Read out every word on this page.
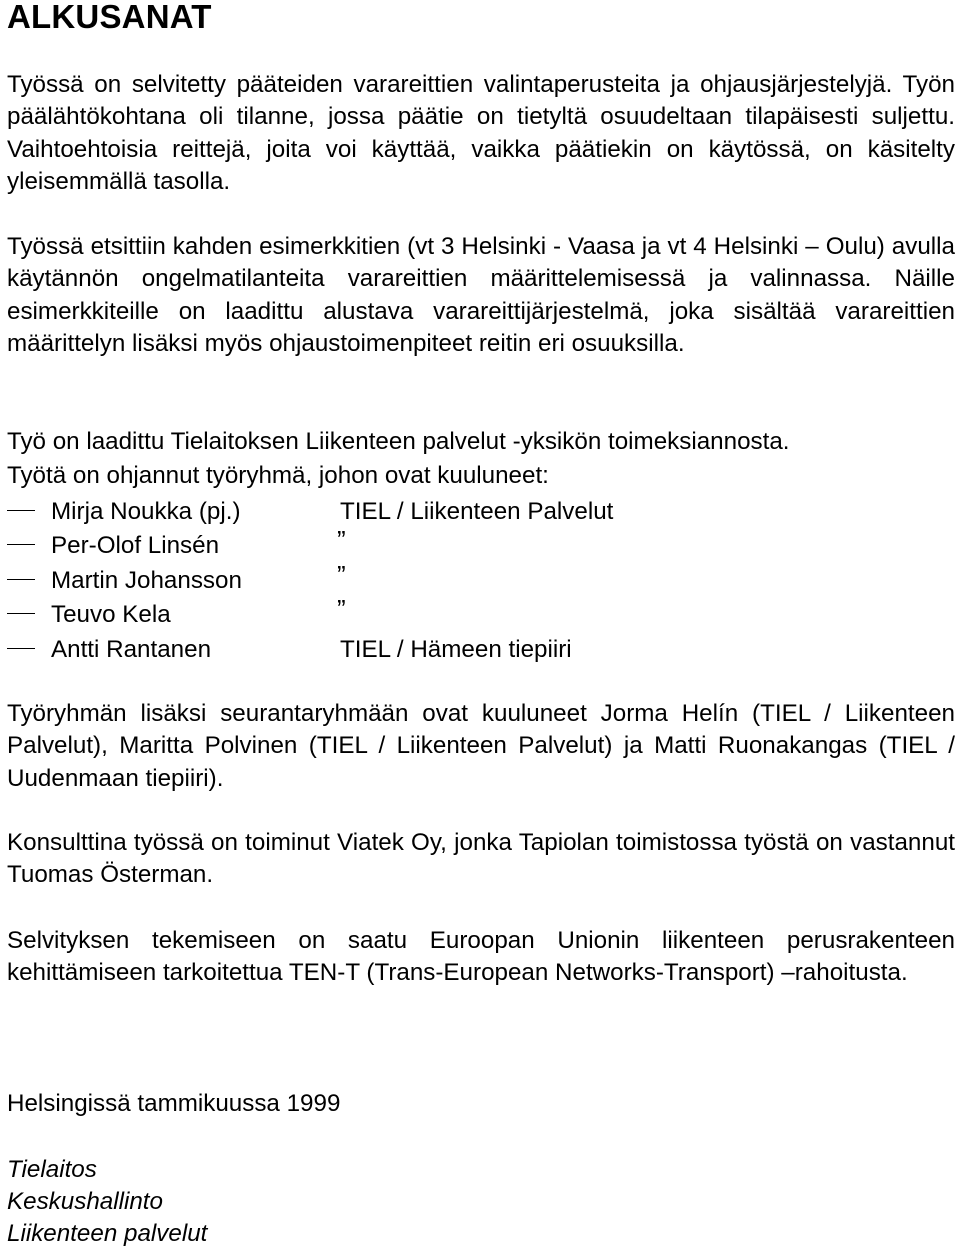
ALKUSANAT

Työssä on selvitetty pääteiden varareittien valintaperusteita ja ohjausjärjestelyjä. Työn päälähtökohtana oli tilanne, jossa päätie on tietyltä osuudeltaan tilapäisesti suljettu. Vaihtoehtoisia reittejä, joita voi käyttää, vaikka päätiekin on käytössä, on käsitelty yleisemmällä tasolla.

Työssä etsittiin kahden esimerkkitien (vt 3 Helsinki - Vaasa ja vt 4 Helsinki – Oulu) avulla käytännön ongelmatilanteita varareittien määrittelemisessä ja valinnassa. Näille esimerkkiteille on laadittu alustava varareittijärjestelmä, joka sisältää varareittien määrittelyn lisäksi myös ohjaustoimenpiteet reitin eri osuuksilla.

Työ on laadittu Tielaitoksen Liikenteen palvelut -yksikön toimeksiannosta.

Työtä on ohjannut työryhmä, johon ovat kuuluneet:

Mirja Noukka (pj.)	TIEL / Liikenteen Palvelut
Per-Olof Linsén	”
Martin Johansson	”
Teuvo Kela	”
Antti Rantanen	TIEL / Hämeen tiepiiri

Työryhmän lisäksi seurantaryhmään ovat kuuluneet Jorma Helín (TIEL / Liikenteen Palvelut), Maritta Polvinen (TIEL / Liikenteen Palvelut) ja Matti Ruonakangas (TIEL / Uudenmaan tiepiiri).

Konsulttina työssä on toiminut Viatek Oy, jonka Tapiolan toimistossa työstä on vastannut Tuomas Österman.

Selvityksen tekemiseen on saatu Euroopan Unionin liikenteen perusrakenteen kehittämiseen tarkoitettua TEN-T (Trans-European Networks-Transport) –rahoitusta.

Helsingissä tammikuussa 1999

Tielaitos

Keskushallinto

Liikenteen palvelut
